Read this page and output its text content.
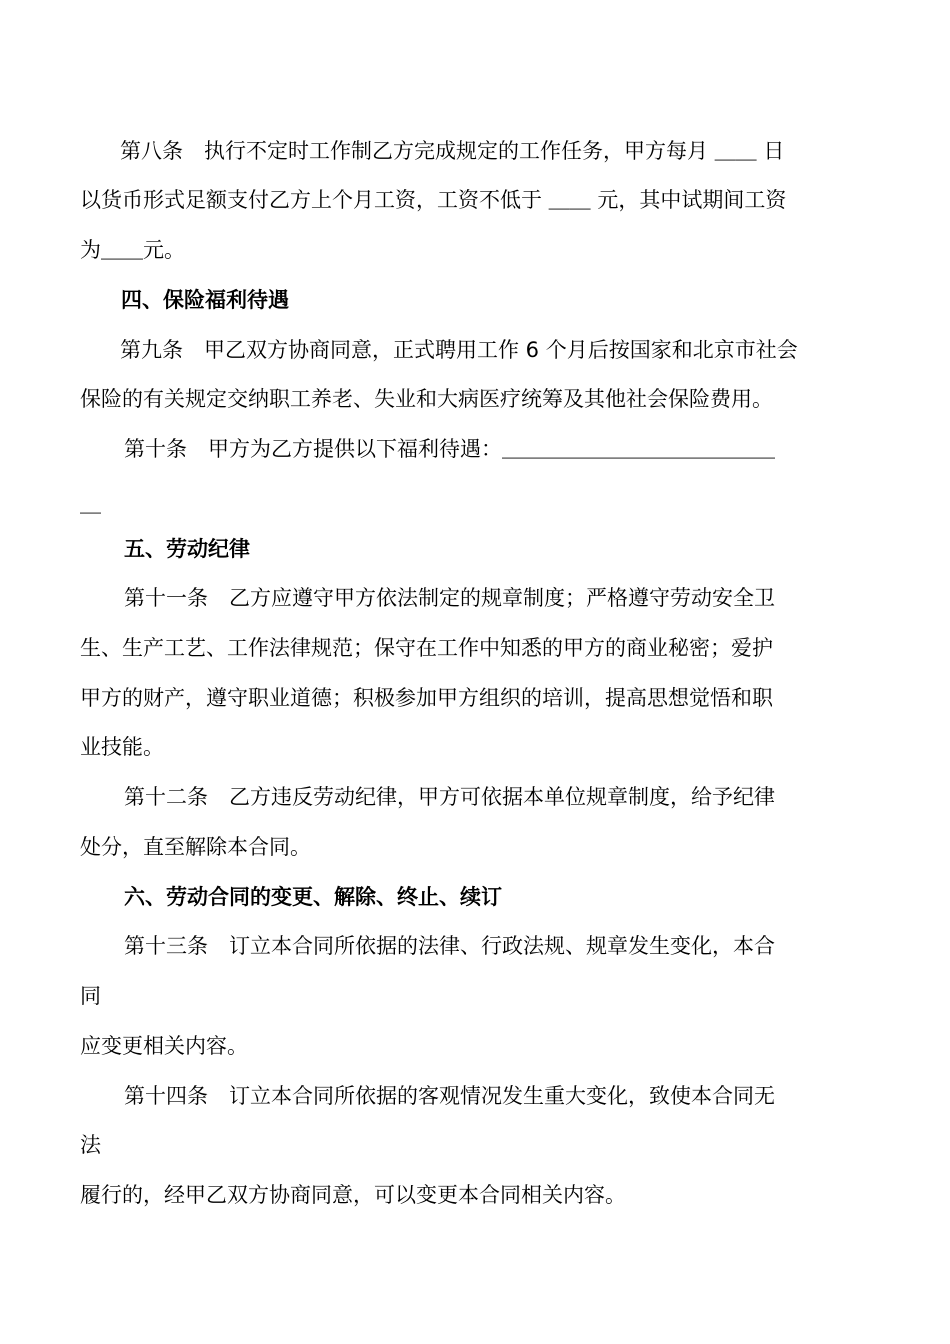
第八条　执行不定时工作制乙方完成规定的工作任务，甲方每月 ＿＿ 日
以货币形式足额支付乙方上个月工资，工资不低于 ＿＿ 元，其中试期间工资
为＿＿元。
四、保险福利待遇
第九条　甲乙双方协商同意，正式聘用工作 6 个月后按国家和北京市社会
保险的有关规定交纳职工养老、失业和大病医疗统筹及其他社会保险费用。
第十条　甲方为乙方提供以下福利待遇：＿＿＿＿＿＿＿＿＿＿＿＿＿
＿
五、劳动纪律
第十一条　乙方应遵守甲方依法制定的规章制度；严格遵守劳动安全卫
生、生产工艺、工作法律规范；保守在工作中知悉的甲方的商业秘密；爱护
甲方的财产，遵守职业道德；积极参加甲方组织的培训，提高思想觉悟和职
业技能。
第十二条　乙方违反劳动纪律，甲方可依据本单位规章制度，给予纪律
处分，直至解除本合同。
六、劳动合同的变更、解除、终止、续订
第十三条　订立本合同所依据的法律、行政法规、规章发生变化，本合
同
应变更相关内容。
第十四条　订立本合同所依据的客观情况发生重大变化，致使本合同无
法
履行的，经甲乙双方协商同意，可以变更本合同相关内容。
